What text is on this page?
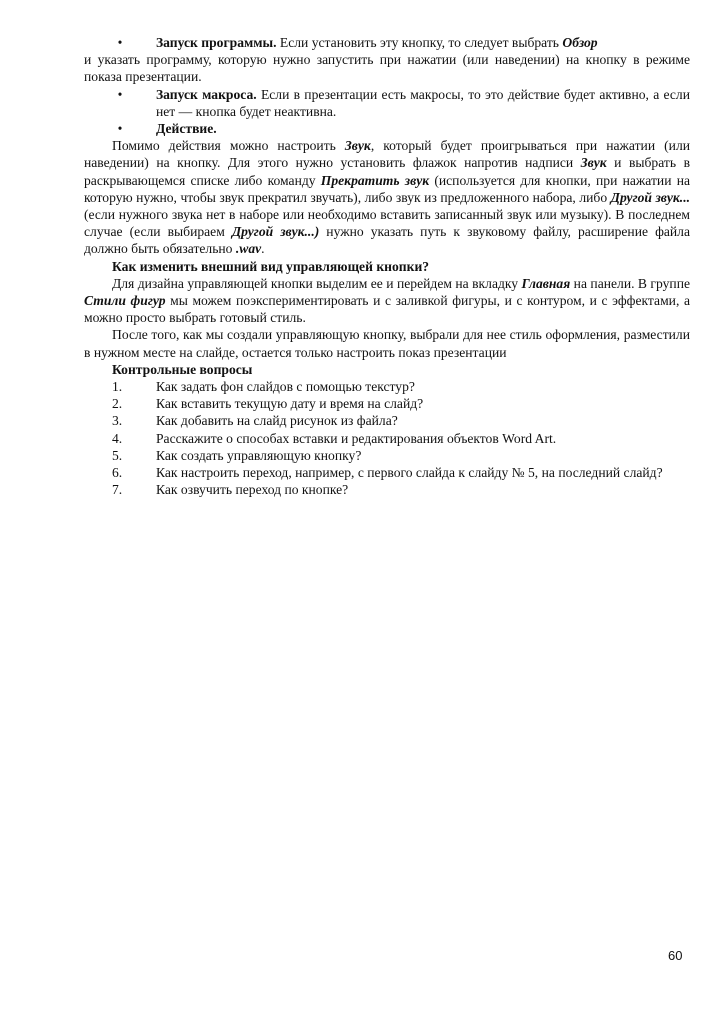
•	Запуск программы. Если установить эту кнопку, то следует выбрать Обзор

и указать программу, которую нужно запустить при нажатии (или наведении) на кнопку в режиме показа презентации.

•	Запуск макроса. Если в презентации есть макросы, то это действие будет активно, а если нет — кнопка будет неактивна.
•	Действие.

Помимо действия можно настроить Звук, который будет проигрываться при нажатии (или наведении) на кнопку. Для этого нужно установить флажок напротив надписи Звук и выбрать в раскрывающемся списке либо команду Прекратить звук (используется для кнопки, при нажатии на которую нужно, чтобы звук прекратил звучать), либо звук из предложенного набора, либо Другой звук... (если нужного звука нет в наборе или необходимо вставить записанный звук или музыку). В последнем случае (если выбираем Другой звук...) нужно указать путь к звуковому файлу, расширение файла должно быть обязательно .wav.

Как изменить внешний вид управляющей кнопки?

Для дизайна управляющей кнопки выделим ее и перейдем на вкладку Главная на панели. В группе Стили фигур мы можем поэкспериментировать и с заливкой фигуры, и с контуром, и с эффектами, а можно просто выбрать готовый стиль.

После того, как мы создали управляющую кнопку, выбрали для нее стиль оформления, разместили в нужном месте на слайде, остается только настроить показ презентации

Контрольные вопросы

1.	Как задать фон слайдов с помощью текстур?
2.	Как вставить текущую дату и время на слайд?
3.	Как добавить на слайд рисунок из файла?
4.	Расскажите о способах вставки и редактирования объектов Word Art.
5.	Как создать управляющую кнопку?
6.	Как настроить переход, например, с первого слайда к слайду № 5, на последний слайд?
7.	Как озвучить переход по кнопке?
60
